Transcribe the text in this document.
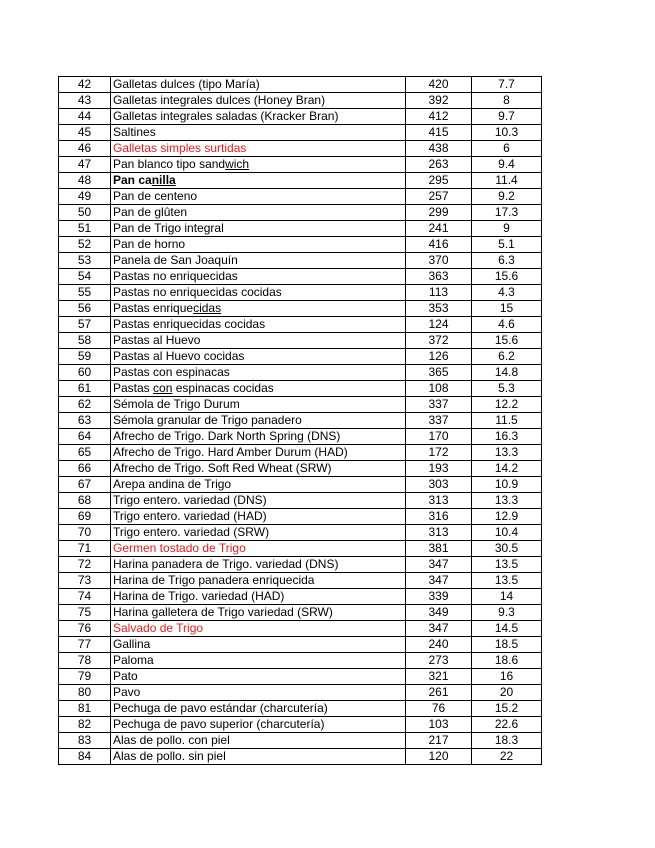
42	Galletas dulces (tipo María)	420	7.7
43	Galletas integrales dulces (Honey Bran)	392	8
44	Galletas integrales saladas (Kracker Bran)	412	9.7
45	Saltines	415	10.3
46	Galletas simples surtidas	438	6
47	Pan blanco tipo sandwich	263	9.4
48	Pan canilla	295	11.4
49	Pan de centeno	257	9.2
50	Pan de glûten	299	17.3
51	Pan de Trigo integral	241	9
52	Pan de horno	416	5.1
53	Panela de San Joaquín	370	6.3
54	Pastas no enriquecidas	363	15.6
55	Pastas no enriquecidas cocidas	113	4.3
56	Pastas enriquecidas	353	15
57	Pastas enriquecidas cocidas	124	4.6
58	Pastas al Huevo	372	15.6
59	Pastas al Huevo cocidas	126	6.2
60	Pastas con espinacas	365	14.8
61	Pastas con espinacas cocidas	108	5.3
62	Sémola de Trigo Durum	337	12.2
63	Sémola granular de Trigo panadero	337	11.5
64	Afrecho de Trigo. Dark North Spring (DNS)	170	16.3
65	Afrecho de Trigo. Hard Amber Durum (HAD)	172	13.3
66	Afrecho de Trigo. Soft Red Wheat (SRW)	193	14.2
67	Arepa andina de Trigo	303	10.9
68	Trigo entero. variedad (DNS)	313	13.3
69	Trigo entero. variedad (HAD)	316	12.9
70	Trigo entero. variedad (SRW)	313	10.4
71	Germen tostado de Trigo	381	30.5
72	Harina panadera de Trigo. variedad (DNS)	347	13.5
73	Harina de Trigo panadera enriquecida	347	13.5
74	Harina de Trigo. variedad (HAD)	339	14
75	Harina galletera de Trigo variedad (SRW)	349	9.3
76	Salvado de Trigo	347	14.5
77	Gallina	240	18.5
78	Paloma	273	18.6
79	Pato	321	16
80	Pavo	261	20
81	Pechuga de pavo estándar (charcutería)	76	15.2
82	Pechuga de pavo superior (charcutería)	103	22.6
83	Alas de pollo. con piel	217	18.3
84	Alas de pollo. sin piel	120	22
